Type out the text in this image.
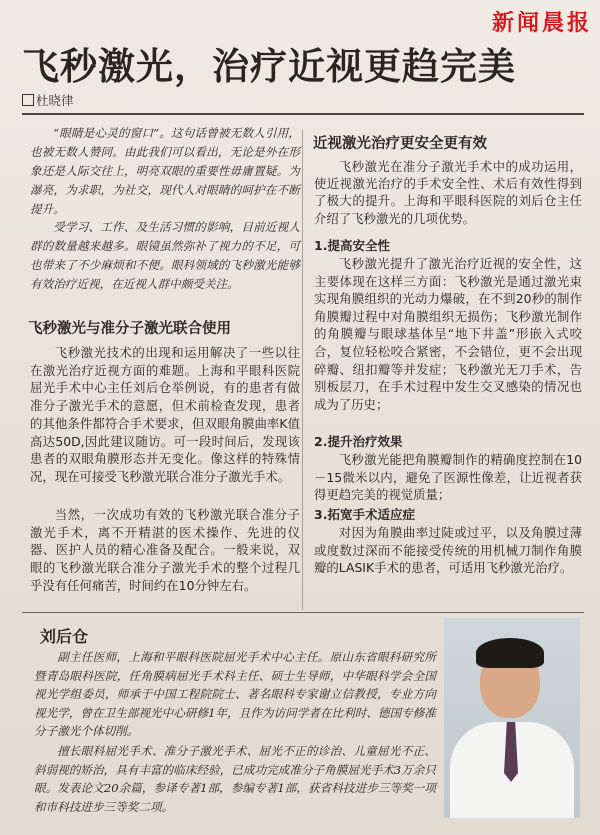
新闻晨报
飞秒激光，治疗近视更趋完美
杜晓律

“眼睛是心灵的窗口”。这句话曾被无数人引用，也被无数人赞同。由此我们可以看出，无论是外在形象还是人际交往上，明亮双眼的重要性毋庸置疑。为瀑亮，为求职，为社交，现代人对眼睛的呵护在不断提升。

受学习、工作、及生活习惯的影响，目前近视人群的数量越来越多。眼镜虽然弥补了视力的不足，可也带来了不少麻烦和不便。眼科领域的飞秒激光能够有效治疗近视，在近视人群中颇受关注。

飞秒激光与准分子激光联合使用

飞秒激光技术的出现和运用解决了一些以往在激光治疗近视方面的难题。上海和平眼科医院屈光手术中心主任刘后仓举例说，有的患者有做准分子激光手术的意愿，但术前检查发现，患者的其他条件都符合手术要求，但双眼角膜曲率K值高达50D,因此建议随访。可一段时间后，发现该患者的双眼角膜形态并无变化。像这样的特殊情况，现在可接受飞秒激光联合准分子激光手术。

当然，一次成功有效的飞秒激光联合准分子激光手术，离不开精湛的医术操作、先进的仪器、医护人员的精心准备及配合。一般来说，双眼的飞秒激光联合准分子激光手术的整个过程几乎没有任何痛苦，时间约在10分钟左右。

近视激光治疗更安全更有效

飞秒激光在准分子激光手术中的成功运用，使近视激光治疗的手术安全性、术后有效性得到了极大的提升。上海和平眼科医院的刘后仓主任介绍了飞秒激光的几项优势。

1.提高安全性

飞秒激光提升了激光治疗近视的安全性，这主要体现在这样三方面：飞秒激光是通过激光束实现角膜组织的光动力爆破，在不到20秒的制作角膜瓣过程中对角膜组织无损伤；飞秒激光制作的角膜瓣与眼球基体呈“地下井盖”形嵌入式咬合，复位轻松咬合紧密，不会错位，更不会出现碎瓣、纽扣瓣等并发症；飞秒激光无刀手术，告别板层刀，在手术过程中发生交叉感染的情况也成为了历史；

2.提升治疗效果

飞秒激光能把角膜瓣制作的精确度控制在10－15微米以内，避免了医源性像差，让近视者获得更趋完美的视觉质量；

3.拓宽手术适应症

对因为角膜曲率过陡或过平，以及角膜过薄或度数过深而不能接受传统的用机械刀制作角膜瓣的LASIK手术的患者，可适用飞秒激光治疗。

刘后仓

副主任医师，上海和平眼科医院屈光手术中心主任。原山东省眼科研究所暨青岛眼科医院，任角膜病屈光手术科主任、硕士生导师，中华眼科学会全国视光学组委员，师承于中国工程院院士、著名眼科专家谢立信教授，专业方向视光学，曾在卫生部视光中心研修1年，且作为访问学者在比利时、德国专修准分子激光个体切削。

擅长眼科屈光手术、准分子激光手术、屈光不正的诊治、儿童屈光不正、斜弱视的矫治，具有丰富的临床经验，已成功完成准分子角膜屈光手术3万余只眼。发表论文20余篇，参译专著1部，参编专著1部，获省科技进步三等奖一项和市科技进步三等奖二项。
